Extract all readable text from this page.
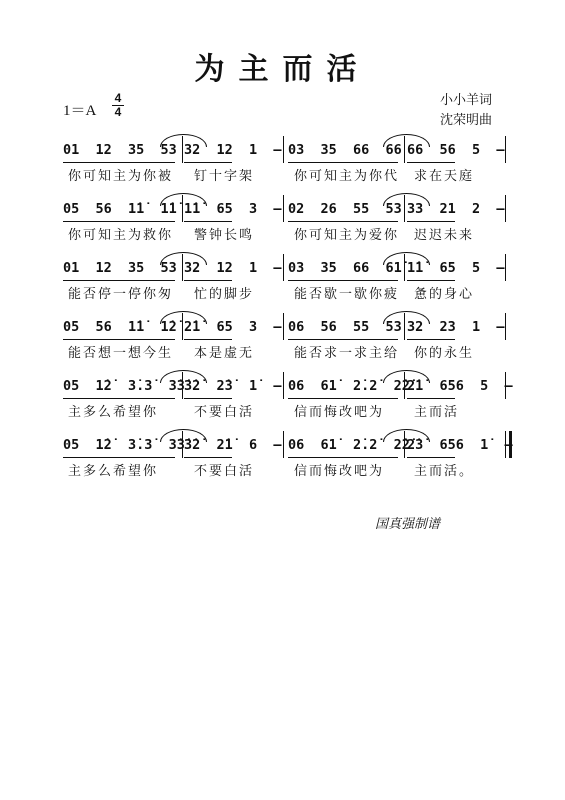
为主而活
1＝A
4
4
小小羊词
沈荣明曲
01  12  35  53 32  12  1  – 03  35  66  66 66  56  5  –
你可知主为你被 钉十字架	你可知主为你代 求在天庭
05  56  1̇1̇  1̇1̇ 1̇1̇  65  3  – 02  26  55  53 33  21  2  –
你可知主为救你 警钟长鸣	你可知主为爱你 迟迟未来
01  12  35  53 32  12  1  – 03  35  66  61̇ 1̇1̇  65  5  –
能否停一停你匆 忙的脚步	能否歇一歇你疲 惫的身心
05  56  1̇1̇  1̇2̇ 2̇1̇  65  3  – 06  56  55  53 32  23  1  –
能否想一想今生 本是虚无	能否求一求主给 你的永生
05  1̇2̇  3̇.3̇  3̇3̇ 3̇2̇  2̇3̇  1̇  – 06  61̇  2̇.2̇  2̇2̇
2̇1̇  656  5  –
主多么希望你	不要白活	信而悔改吧为 主而活
05  1̇2̇  3̇.3̇  3̇3̇ 3̇2̇  2̇1̇  6  – 06  61̇  2̇.2̇  2̇2̇
2̇3̇  656  1̇  –
主多么希望你	不要白活	信而悔改吧为 主而活。
国真强制谱
